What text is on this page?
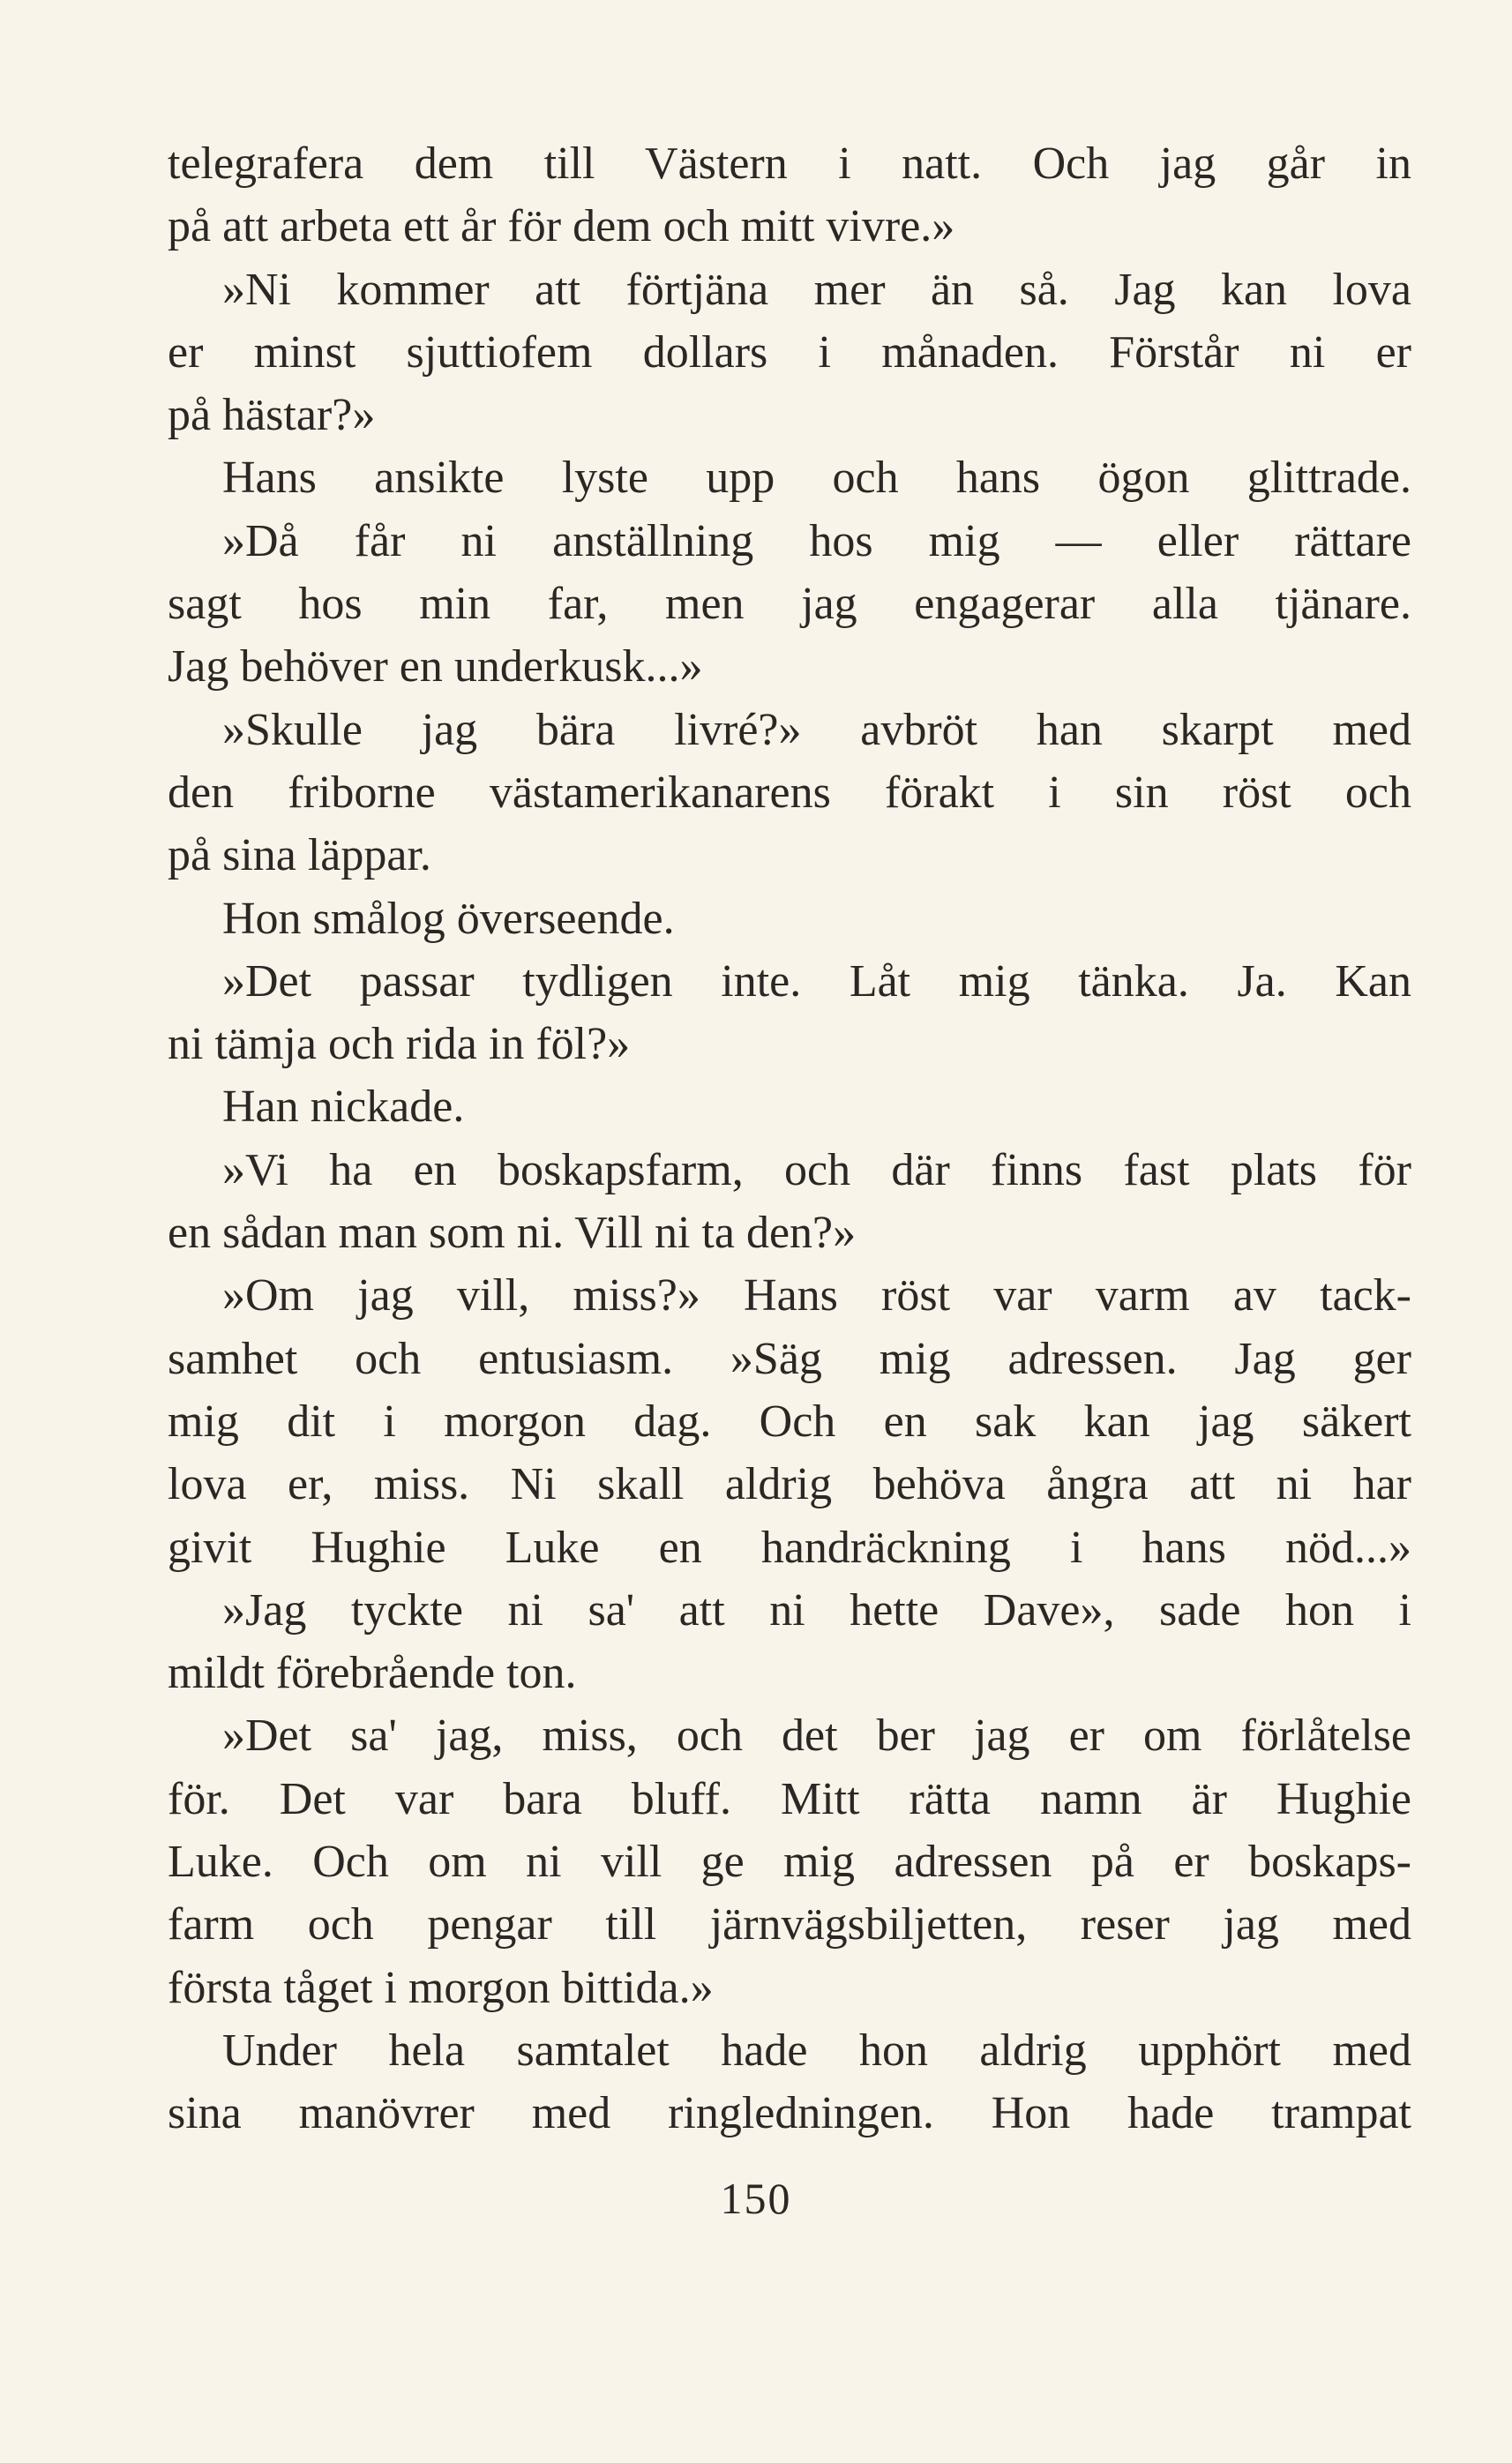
telegrafera dem till Västern i natt. Och jag går in
på att arbeta ett år för dem och mitt vivre.»
»Ni kommer att förtjäna mer än så. Jag kan lova
er minst sjuttiofem dollars i månaden. Förstår ni er
på hästar?»
Hans ansikte lyste upp och hans ögon glittrade.
»Då får ni anställning hos mig — eller rättare
sagt hos min far, men jag engagerar alla tjänare.
Jag behöver en underkusk...»
»Skulle jag bära livré?» avbröt han skarpt med
den friborne västamerikanarens förakt i sin röst och
på sina läppar.
Hon smålog överseende.
»Det passar tydligen inte. Låt mig tänka. Ja. Kan
ni tämja och rida in föl?»
Han nickade.
»Vi ha en boskapsfarm, och där finns fast plats för
en sådan man som ni. Vill ni ta den?»
»Om jag vill, miss?» Hans röst var varm av tack-
samhet och entusiasm. »Säg mig adressen. Jag ger
mig dit i morgon dag. Och en sak kan jag säkert
lova er, miss. Ni skall aldrig behöva ångra att ni har
givit Hughie Luke en handräckning i hans nöd...»
»Jag tyckte ni sa' att ni hette Dave», sade hon i
mildt förebrående ton.
»Det sa' jag, miss, och det ber jag er om förlåtelse
för. Det var bara bluff. Mitt rätta namn är Hughie
Luke. Och om ni vill ge mig adressen på er boskaps-
farm och pengar till järnvägsbiljetten, reser jag med
första tåget i morgon bittida.»
Under hela samtalet hade hon aldrig upphört med
sina manövrer med ringledningen. Hon hade trampat
150
